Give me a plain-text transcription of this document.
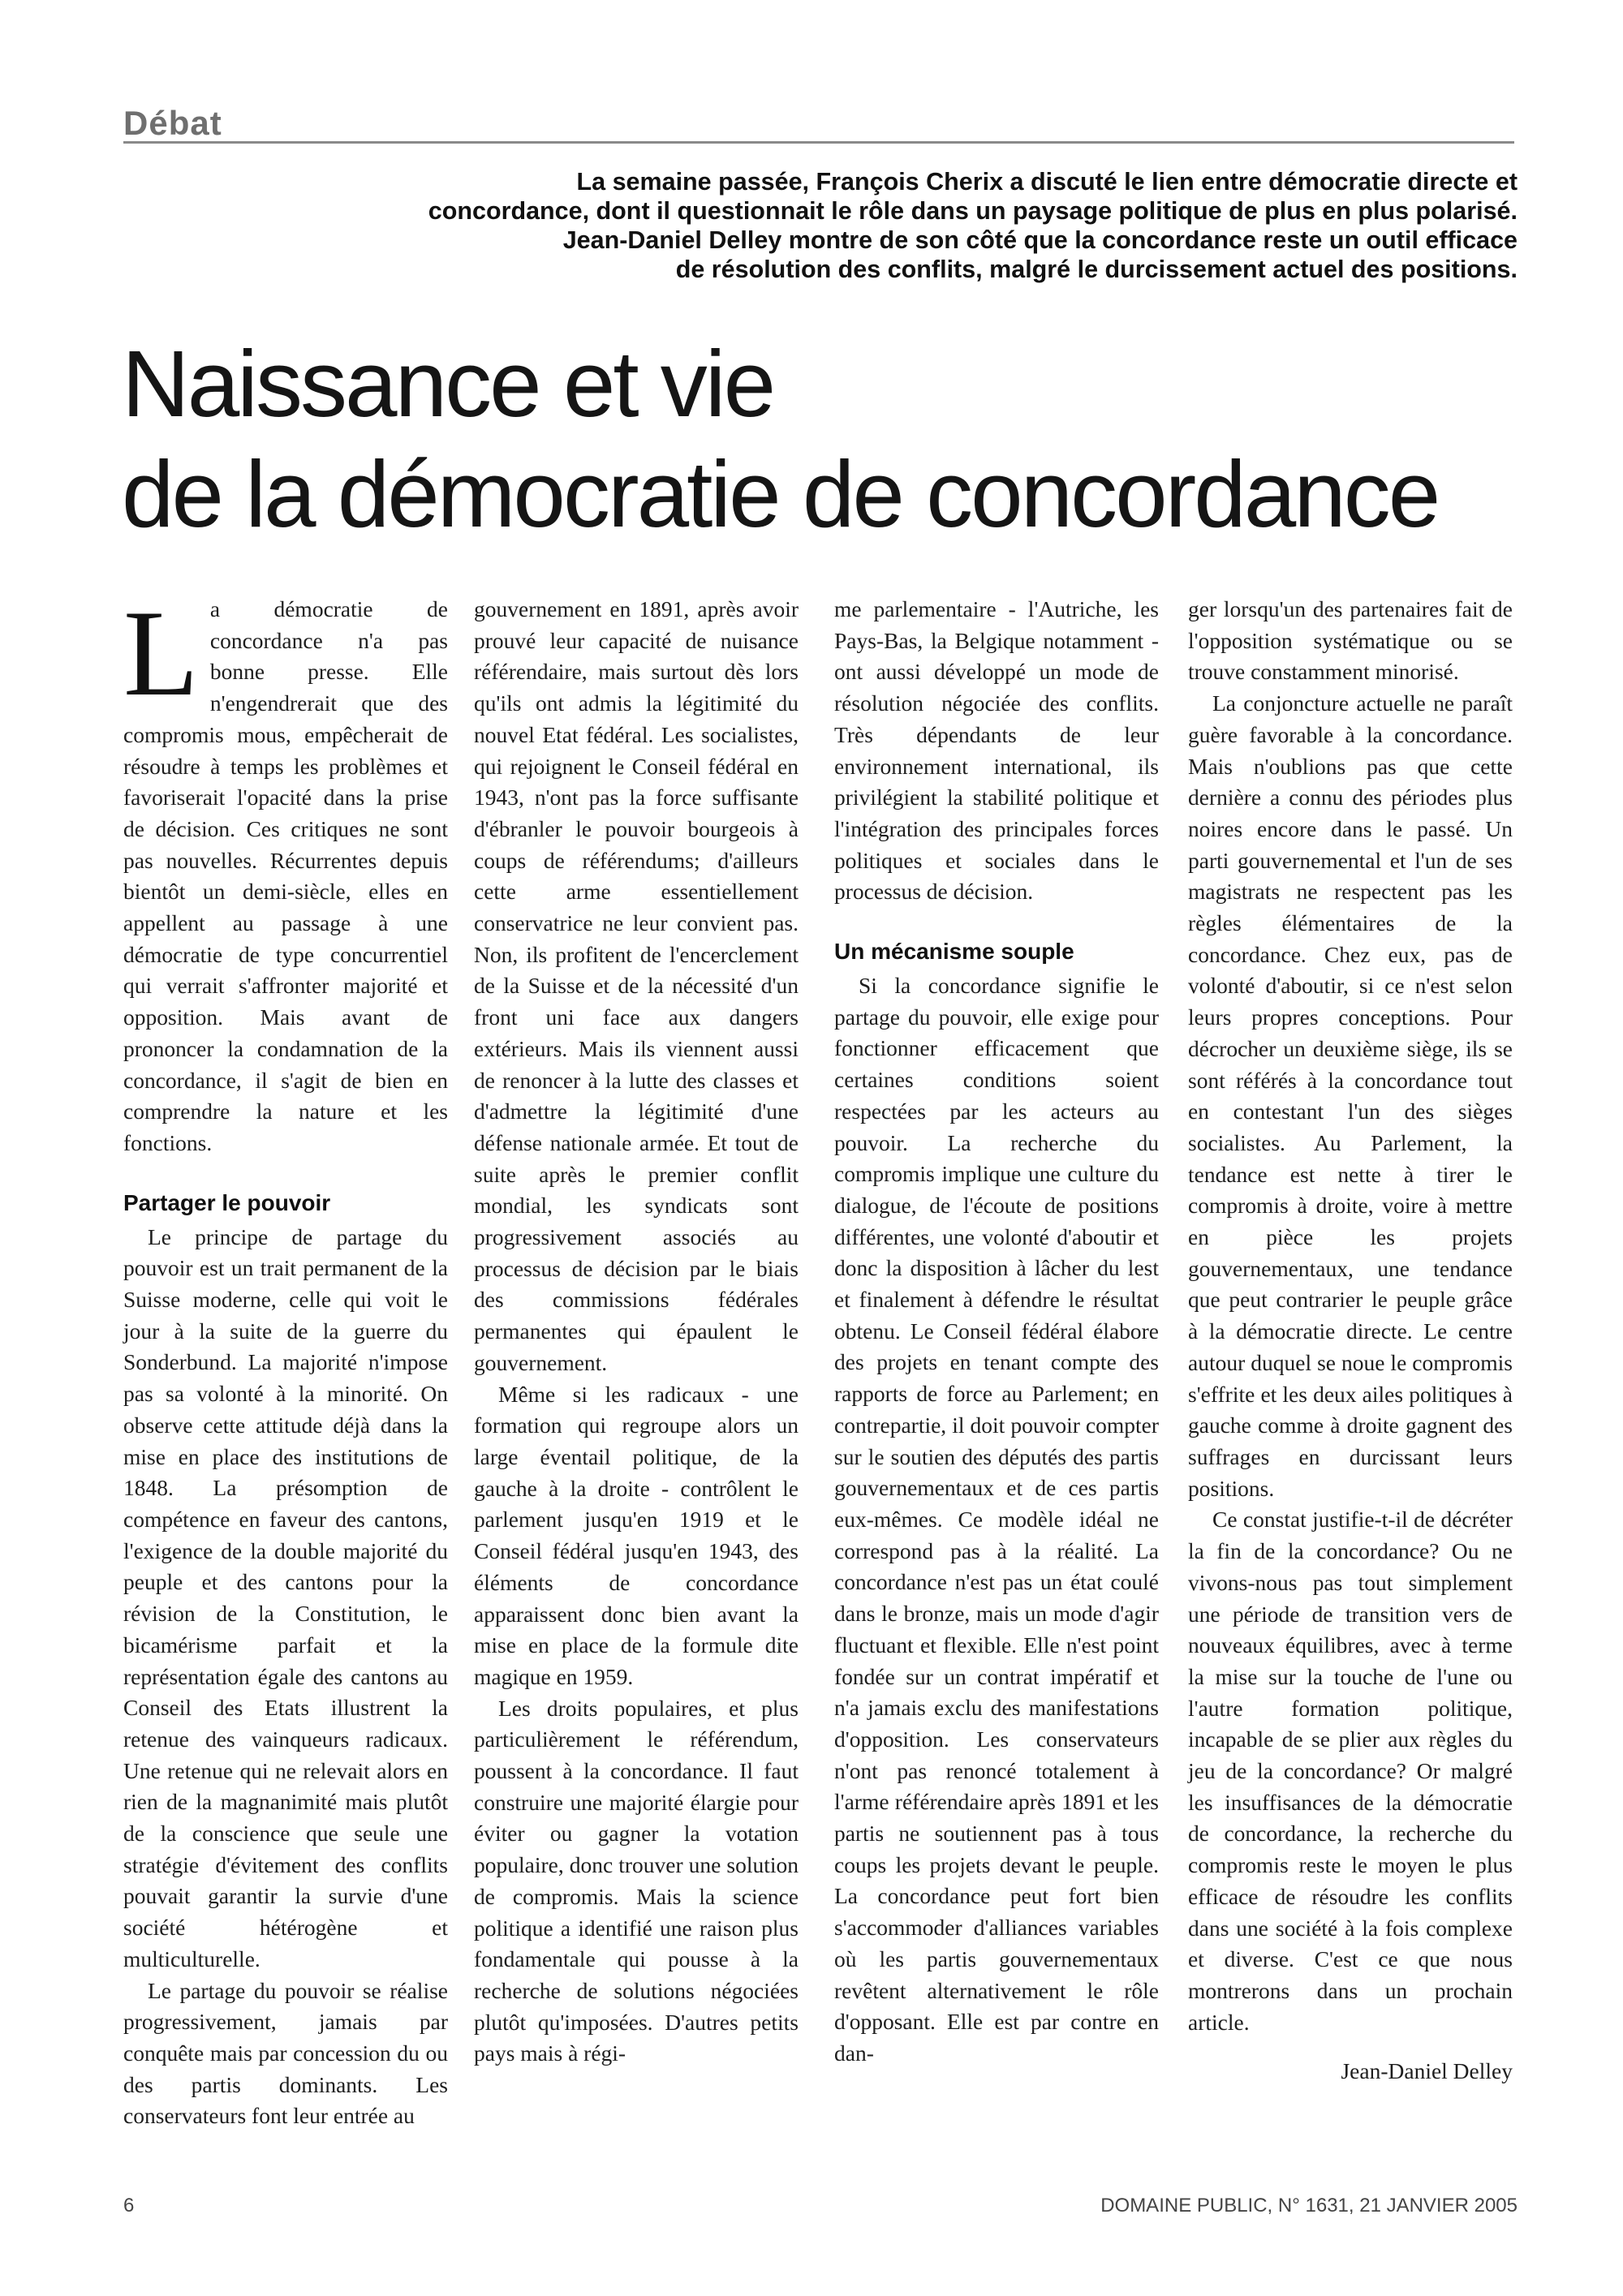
Débat
La semaine passée, François Cherix a discuté le lien entre démocratie directe et
concordance, dont il questionnait le rôle dans un paysage politique de plus en plus polarisé.
Jean-Daniel Delley montre de son côté que la concordance reste un outil efficace
de résolution des conflits, malgré le durcissement actuel des positions.
Naissance et vie
de la démocratie de concordance

La démocratie de concordance n'a pas bonne presse. Elle n'engendrerait que des compromis mous, empêcherait de résoudre à temps les problèmes et favoriserait l'opacité dans la prise de décision. Ces critiques ne sont pas nouvelles. Récurrentes depuis bientôt un demi-siècle, elles en appellent au passage à une démocratie de type concurrentiel qui verrait s'affronter majorité et opposition. Mais avant de prononcer la condamnation de la concordance, il s'agit de bien en comprendre la nature et les fonctions.

Partager le pouvoir

Le principe de partage du pouvoir est un trait permanent de la Suisse moderne, celle qui voit le jour à la suite de la guerre du Sonderbund. La majorité n'impose pas sa volonté à la minorité. On observe cette attitude déjà dans la mise en place des institutions de 1848. La présomption de compétence en faveur des cantons, l'exigence de la double majorité du peuple et des cantons pour la révision de la Constitution, le bicamérisme parfait et la représentation égale des cantons au Conseil des Etats illustrent la retenue des vainqueurs radicaux. Une retenue qui ne relevait alors en rien de la magnanimité mais plutôt de la conscience que seule une stratégie d'évitement des conflits pouvait garantir la survie d'une société hétérogène et multiculturelle.

Le partage du pouvoir se réalise progressivement, jamais par conquête mais par concession du ou des partis dominants. Les conservateurs font leur entrée au

gouvernement en 1891, après avoir prouvé leur capacité de nuisance référendaire, mais surtout dès lors qu'ils ont admis la légitimité du nouvel Etat fédéral. Les socialistes, qui rejoignent le Conseil fédéral en 1943, n'ont pas la force suffisante d'ébranler le pouvoir bourgeois à coups de référendums; d'ailleurs cette arme essentiellement conservatrice ne leur convient pas. Non, ils profitent de l'encerclement de la Suisse et de la nécessité d'un front uni face aux dangers extérieurs. Mais ils viennent aussi de renoncer à la lutte des classes et d'admettre la légitimité d'une défense nationale armée. Et tout de suite après le premier conflit mondial, les syndicats sont progressivement associés au processus de décision par le biais des commissions fédérales permanentes qui épaulent le gouvernement.

Même si les radicaux - une formation qui regroupe alors un large éventail politique, de la gauche à la droite - contrôlent le parlement jusqu'en 1919 et le Conseil fédéral jusqu'en 1943, des éléments de concordance apparaissent donc bien avant la mise en place de la formule dite magique en 1959.

Les droits populaires, et plus particulièrement le référendum, poussent à la concordance. Il faut construire une majorité élargie pour éviter ou gagner la votation populaire, donc trouver une solution de compromis. Mais la science politique a identifié une raison plus fondamentale qui pousse à la recherche de solutions négociées plutôt qu'imposées. D'autres petits pays mais à régi-

me parlementaire - l'Autriche, les Pays-Bas, la Belgique notamment - ont aussi développé un mode de résolution négociée des conflits. Très dépendants de leur environnement international, ils privilégient la stabilité politique et l'intégration des principales forces politiques et sociales dans le processus de décision.

Un mécanisme souple

Si la concordance signifie le partage du pouvoir, elle exige pour fonctionner efficacement que certaines conditions soient respectées par les acteurs au pouvoir. La recherche du compromis implique une culture du dialogue, de l'écoute de positions différentes, une volonté d'aboutir et donc la disposition à lâcher du lest et finalement à défendre le résultat obtenu. Le Conseil fédéral élabore des projets en tenant compte des rapports de force au Parlement; en contrepartie, il doit pouvoir compter sur le soutien des députés des partis gouvernementaux et de ces partis eux-mêmes. Ce modèle idéal ne correspond pas à la réalité. La concordance n'est pas un état coulé dans le bronze, mais un mode d'agir fluctuant et flexible. Elle n'est point fondée sur un contrat impératif et n'a jamais exclu des manifestations d'opposition. Les conservateurs n'ont pas renoncé totalement à l'arme référendaire après 1891 et les partis ne soutiennent pas à tous coups les projets devant le peuple. La concordance peut fort bien s'accommoder d'alliances variables où les partis gouvernementaux revêtent alternativement le rôle d'opposant. Elle est par contre en dan-

ger lorsqu'un des partenaires fait de l'opposition systématique ou se trouve constamment minorisé.

La conjoncture actuelle ne paraît guère favorable à la concordance. Mais n'oublions pas que cette dernière a connu des périodes plus noires encore dans le passé. Un parti gouvernemental et l'un de ses magistrats ne respectent pas les règles élémentaires de la concordance. Chez eux, pas de volonté d'aboutir, si ce n'est selon leurs propres conceptions. Pour décrocher un deuxième siège, ils se sont référés à la concordance tout en contestant l'un des sièges socialistes. Au Parlement, la tendance est nette à tirer le compromis à droite, voire à mettre en pièce les projets gouvernementaux, une tendance que peut contrarier le peuple grâce à la démocratie directe. Le centre autour duquel se noue le compromis s'effrite et les deux ailes politiques à gauche comme à droite gagnent des suffrages en durcissant leurs positions.

Ce constat justifie-t-il de décréter la fin de la concordance? Ou ne vivons-nous pas tout simplement une période de transition vers de nouveaux équilibres, avec à terme la mise sur la touche de l'une ou l'autre formation politique, incapable de se plier aux règles du jeu de la concordance? Or malgré les insuffisances de la démocratie de concordance, la recherche du compromis reste le moyen le plus efficace de résoudre les conflits dans une société à la fois complexe et diverse. C'est ce que nous montrerons dans un prochain article.

Jean-Daniel Delley

6	DOMAINE PUBLIC, N° 1631, 21 JANVIER 2005
